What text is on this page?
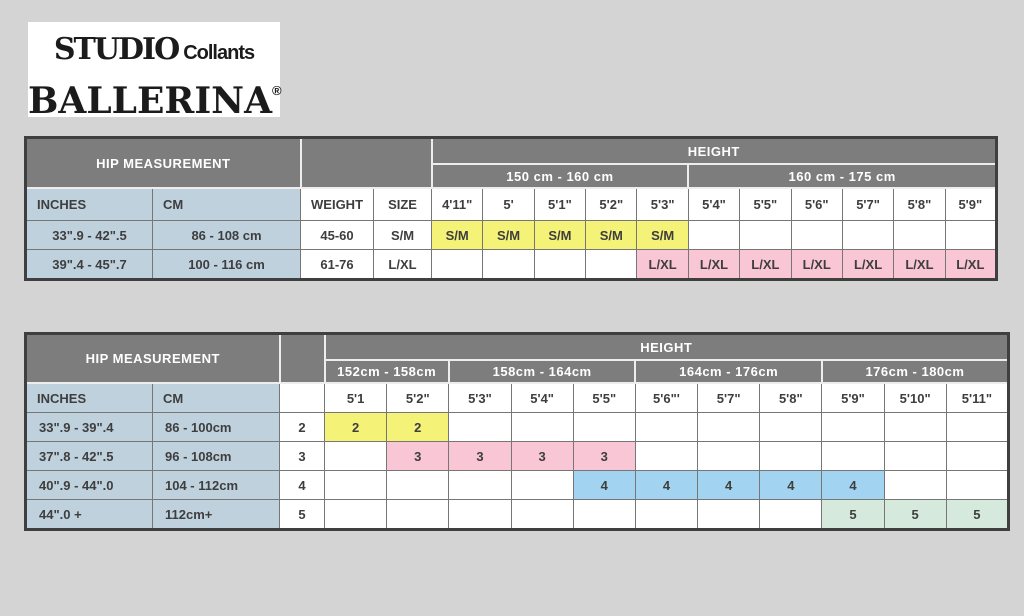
STUDIO Collants
BALLERINA®
HIP MEASUREMENT				HEIGHT										
				150 cm - 160 cm					160 cm - 175 cm					
INCHES	CM	WEIGHT	SIZE	4'11"	5'	5'1"	5'2"	5'3"	5'4"	5'5"	5'6"	5'7"	5'8"	5'9"
33".9 - 42".5	86 - 108 cm	45-60	S/M	S/M	S/M	S/M	S/M	S/M						
39".4 - 45".7	100 - 116 cm	61-76	L/XL					L/XL	L/XL	L/XL	L/XL	L/XL	L/XL	L/XL
HIP MEASUREMENT			HEIGHT										
			152cm - 158cm		158cm - 164cm			164cm - 176cm			176cm - 180cm		
INCHES	CM		5'1	5'2"	5'3"	5'4"	5'5"	5'6"'	5'7"	5'8"	5'9"	5'10"	5'11"
33".9 - 39".4	86 - 100cm	2	2	2									
37".8 - 42".5	96 - 108cm	3		3	3	3	3						
40".9 - 44".0	104 - 112cm	4					4	4	4	4	4		
44".0 +	112cm+	5									5	5	5
